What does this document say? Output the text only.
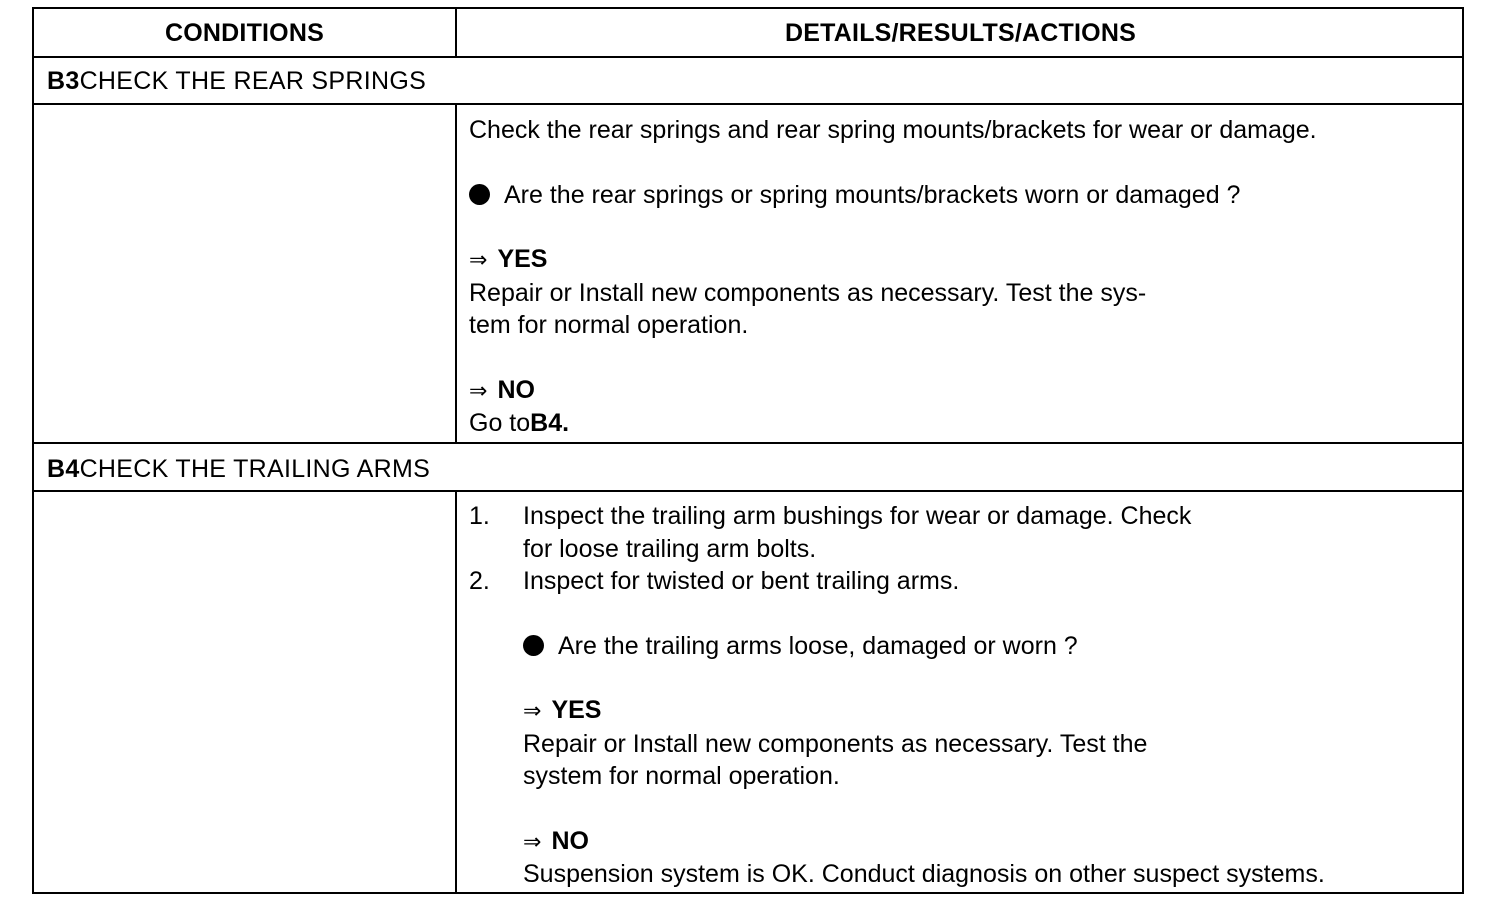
CONDITIONS	DETAILS/RESULTS/ACTIONS
B3CHECK THE REAR SPRINGS
Check the rear springs and rear spring mounts/brackets for wear or damage.
Are the rear springs or spring mounts/brackets worn or damaged ?
⇒ YES
Repair or Install new components as necessary. Test the sys-
tem for normal operation.
⇒ NO
Go toB4.
B4CHECK THE TRAILING ARMS
1. Inspect the trailing arm bushings for wear or damage. Check
for loose trailing arm bolts.
2. Inspect for twisted or bent trailing arms.
Are the trailing arms loose, damaged or worn ?
⇒ YES
Repair or Install new components as necessary. Test the
system for normal operation.
⇒ NO
Suspension system is OK. Conduct diagnosis on other suspect systems.
